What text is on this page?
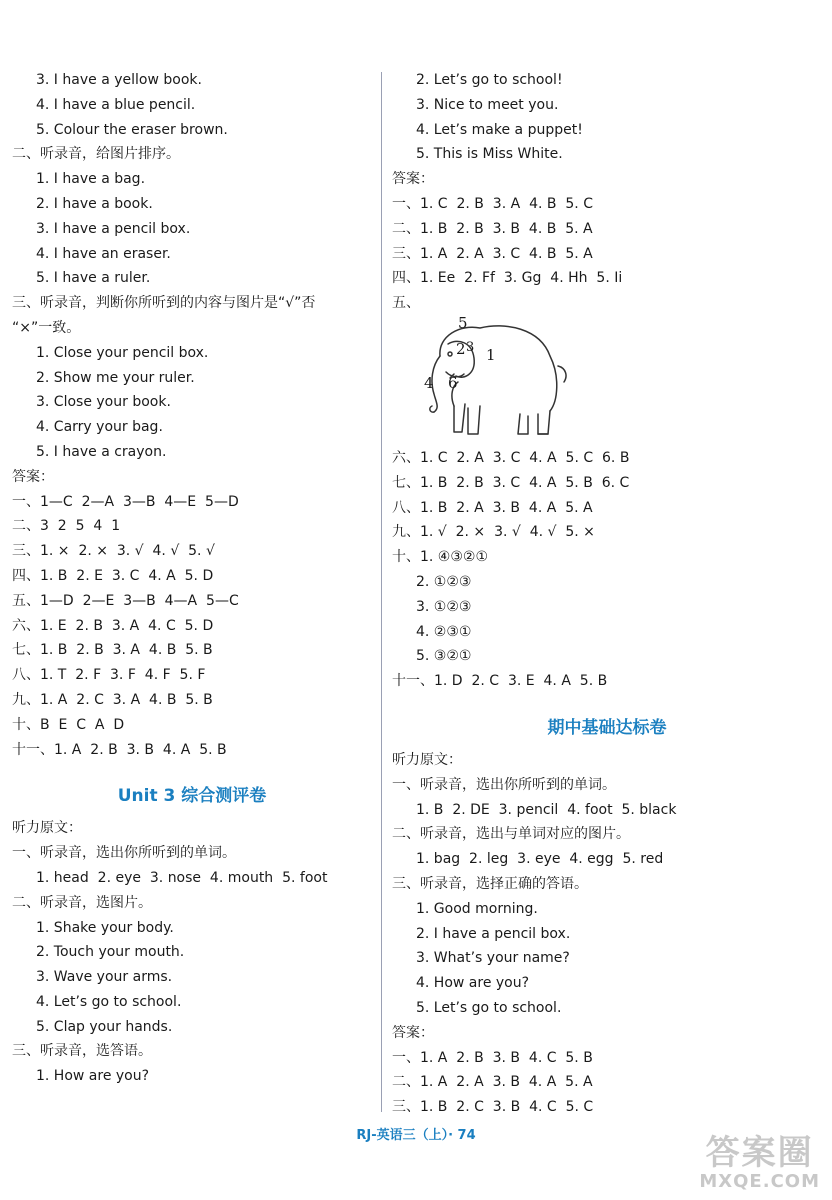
3. I have a yellow book.
4. I have a blue pencil.
5. Colour the eraser brown.
二、听录音，给图片排序。
1. I have a bag.
2. I have a book.
3. I have a pencil box.
4. I have an eraser.
5. I have a ruler.
三、听录音，判断你所听到的内容与图片是“√”否
“×”一致。
1. Close your pencil box.
2. Show me your ruler.
3. Close your book.
4. Carry your bag.
5. I have a crayon.
答案：
一、1—C  2—A  3—B  4—E  5—D
二、3  2  5  4  1
三、1. ×  2. ×  3. √  4. √  5. √
四、1. B  2. E  3. C  4. A  5. D
五、1—D  2—E  3—B  4—A  5—C
六、1. E  2. B  3. A  4. C  5. D
七、1. B  2. B  3. A  4. B  5. B
八、1. T  2. F  3. F  4. F  5. F
九、1. A  2. C  3. A  4. B  5. B
十、B  E  C  A  D
十一、1. A  2. B  3. B  4. A  5. B
Unit 3 综合测评卷
听力原文：
一、听录音，选出你所听到的单词。
1. head  2. eye  3. nose  4. mouth  5. foot
二、听录音，选图片。
1. Shake your body.
2. Touch your mouth.
3. Wave your arms.
4. Let’s go to school.
5. Clap your hands.
三、听录音，选答语。
1. How are you?
2. Let’s go to school!
3. Nice to meet you.
4. Let’s make a puppet!
5. This is Miss White.
答案：
一、1. C  2. B  3. A  4. B  5. C
二、1. B  2. B  3. B  4. B  5. A
三、1. A  2. A  3. C  4. B  5. A
四、1. Ee  2. Ff  3. Gg  4. Hh  5. Ii
五、
5
2 3 1
4 6
六、1. C  2. A  3. C  4. A  5. C  6. B
七、1. B  2. B  3. C  4. A  5. B  6. C
八、1. B  2. A  3. B  4. A  5. A
九、1. √  2. ×  3. √  4. √  5. ×
十、1. ④③②①
2. ①②③
3. ①②③
4. ②③①
5. ③②①
十一、1. D  2. C  3. E  4. A  5. B
期中基础达标卷
听力原文：
一、听录音，选出你所听到的单词。
1. B  2. DE  3. pencil  4. foot  5. black
二、听录音，选出与单词对应的图片。
1. bag  2. leg  3. eye  4. egg  5. red
三、听录音，选择正确的答语。
1. Good morning.
2. I have a pencil box.
3. What’s your name?
4. How are you?
5. Let’s go to school.
答案：
一、1. A  2. B  3. B  4. C  5. B
二、1. A  2. A  3. B  4. A  5. A
三、1. B  2. C  3. B  4. C  5. C
RJ-英语三（上）· 74	答案圈
MXQE.COM
